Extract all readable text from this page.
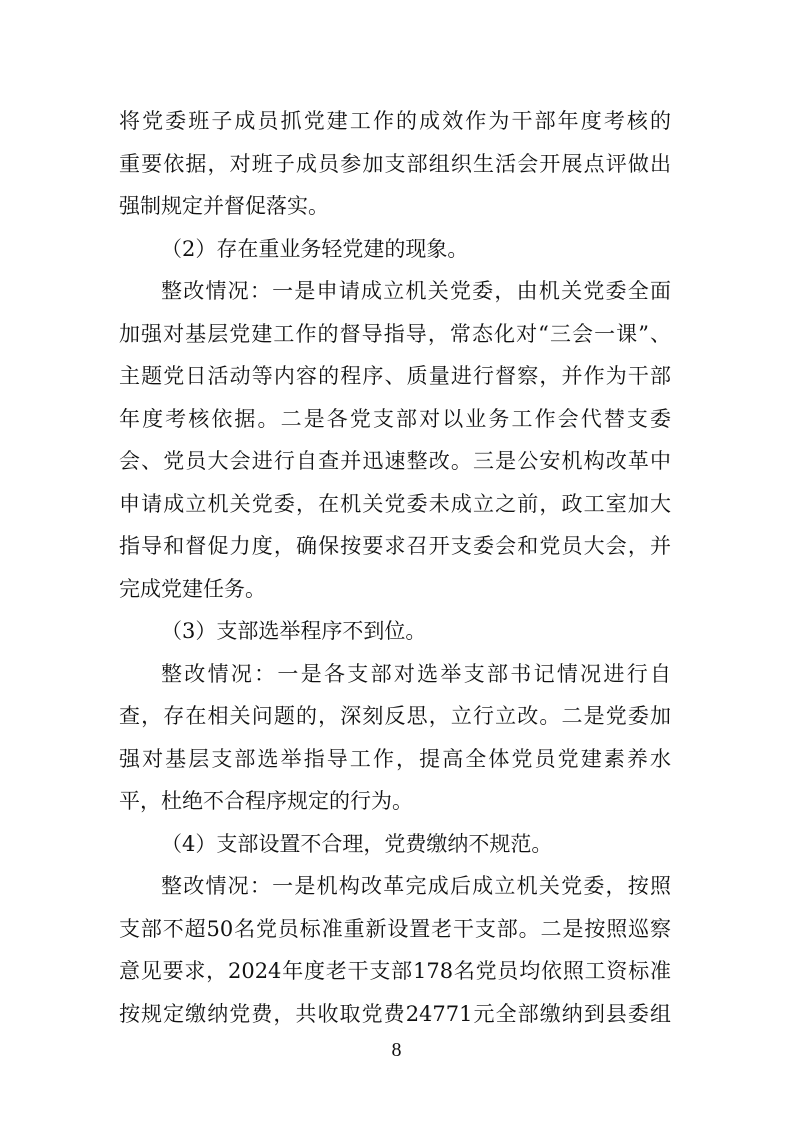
将党委班子成员抓党建工作的成效作为干部年度考核的
重要依据，对班子成员参加支部组织生活会开展点评做出
强制规定并督促落实。
（2）存在重业务轻党建的现象。
整改情况：一是申请成立机关党委，由机关党委全面
加强对基层党建工作的督导指导，常态化对“三会一课”、
主题党日活动等内容的程序、质量进行督察，并作为干部
年度考核依据。二是各党支部对以业务工作会代替支委
会、党员大会进行自查并迅速整改。三是公安机构改革中
申请成立机关党委，在机关党委未成立之前，政工室加大
指导和督促力度，确保按要求召开支委会和党员大会，并
完成党建任务。
（3）支部选举程序不到位。
整改情况：一是各支部对选举支部书记情况进行自
查，存在相关问题的，深刻反思，立行立改。二是党委加
强对基层支部选举指导工作，提高全体党员党建素养水
平，杜绝不合程序规定的行为。
（4）支部设置不合理，党费缴纳不规范。
整改情况：一是机构改革完成后成立机关党委，按照
支部不超50名党员标准重新设置老干支部。二是按照巡察
意见要求，2024年度老干支部178名党员均依照工资标准
按规定缴纳党费，共收取党费24771元全部缴纳到县委组
8
